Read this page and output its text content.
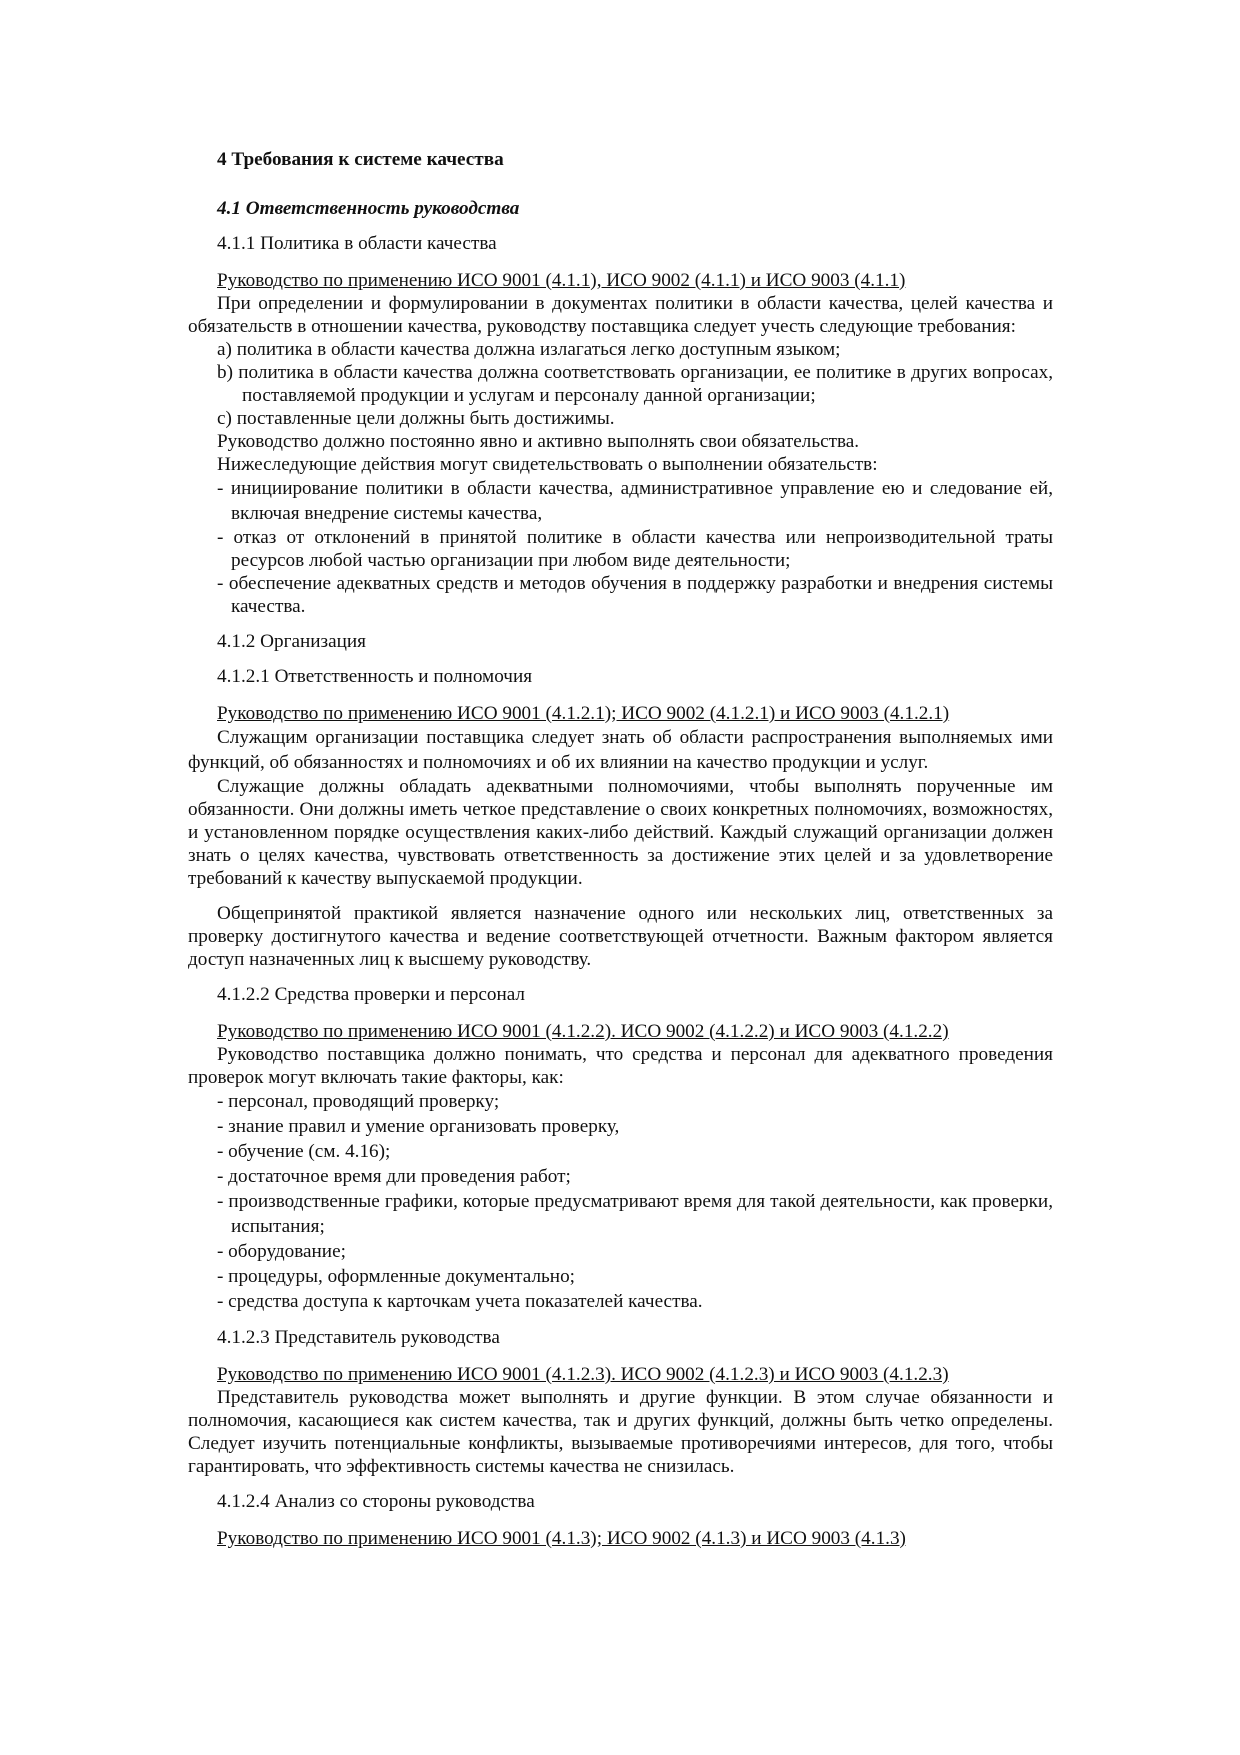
4 Требования к системе качества

4.1 Ответственность руководства

4.1.1 Политика в области качества

Руководство по применению ИСО 9001 (4.1.1), ИСО 9002 (4.1.1) и ИСО 9003 (4.1.1)

При определении и формулировании в документах политики в области качества, целей качества и обязательств в отношении качества, руководству поставщика следует учесть следующие требования:

а) политика в области качества должна излагаться легко доступным языком;

b) политика в области качества должна соответствовать организации, ее политике в других вопросах, поставляемой продукции и услугам и персоналу данной организации;

с) поставленные цели должны быть достижимы.

Руководство должно постоянно явно и активно выполнять свои обязательства.

Нижеследующие действия могут свидетельствовать о выполнении обязательств:

- инициирование политики в области качества, административное управление ею и следование ей, включая внедрение системы качества,

- отказ от отклонений в принятой политике в области качества или непроизводительной траты ресурсов любой частью организации при любом виде деятельности;

- обеспечение адекватных средств и методов обучения в поддержку разработки и внедрения системы качества.

4.1.2 Организация

4.1.2.1 Ответственность и полномочия

Руководство по применению ИСО 9001 (4.1.2.1); ИСО 9002 (4.1.2.1) и ИСО 9003 (4.1.2.1)

Служащим организации поставщика следует знать об области распространения выполняемых ими функций, об обязанностях и полномочиях и об их влиянии на качество продукции и услуг.

Служащие должны обладать адекватными полномочиями, чтобы выполнять порученные им обязанности. Они должны иметь четкое представление о своих конкретных полномочиях, возможностях, и установленном порядке осуществления каких-либо действий. Каждый служащий организации должен знать о целях качества, чувствовать ответственность за достижение этих целей и за удовлетворение требований к качеству выпускаемой продукции.

Общепринятой практикой является назначение одного или нескольких лиц, ответственных за проверку достигнутого качества и ведение соответствующей отчетности. Важным фактором является доступ назначенных лиц к высшему руководству.

4.1.2.2 Средства проверки и персонал

Руководство по применению ИСО 9001 (4.1.2.2). ИСО 9002 (4.1.2.2) и ИСО 9003 (4.1.2.2)

Руководство поставщика должно понимать, что средства и персонал для адекватного проведения проверок могут включать такие факторы, как:

- персонал, проводящий проверку;

- знание правил и умение организовать проверку,

- обучение (см. 4.16);

- достаточное время дли проведения работ;

- производственные графики, которые предусматривают время для такой деятельности, как проверки, испытания;

- оборудование;

- процедуры, оформленные документально;

- средства доступа к карточкам учета показателей качества.

4.1.2.3 Представитель руководства

Руководство по применению ИСО 9001 (4.1.2.3). ИСО 9002 (4.1.2.3) и ИСО 9003 (4.1.2.3)

Представитель руководства может выполнять и другие функции. В этом случае обязанности и полномочия, касающиеся как систем качества, так и других функций, должны быть четко определены. Следует изучить потенциальные конфликты, вызываемые противоречиями интересов, для того, чтобы гарантировать, что эффективность системы качества не снизилась.

4.1.2.4 Анализ со стороны руководства

Руководство по применению ИСО 9001 (4.1.3); ИСО 9002 (4.1.3) и ИСО 9003 (4.1.3)
